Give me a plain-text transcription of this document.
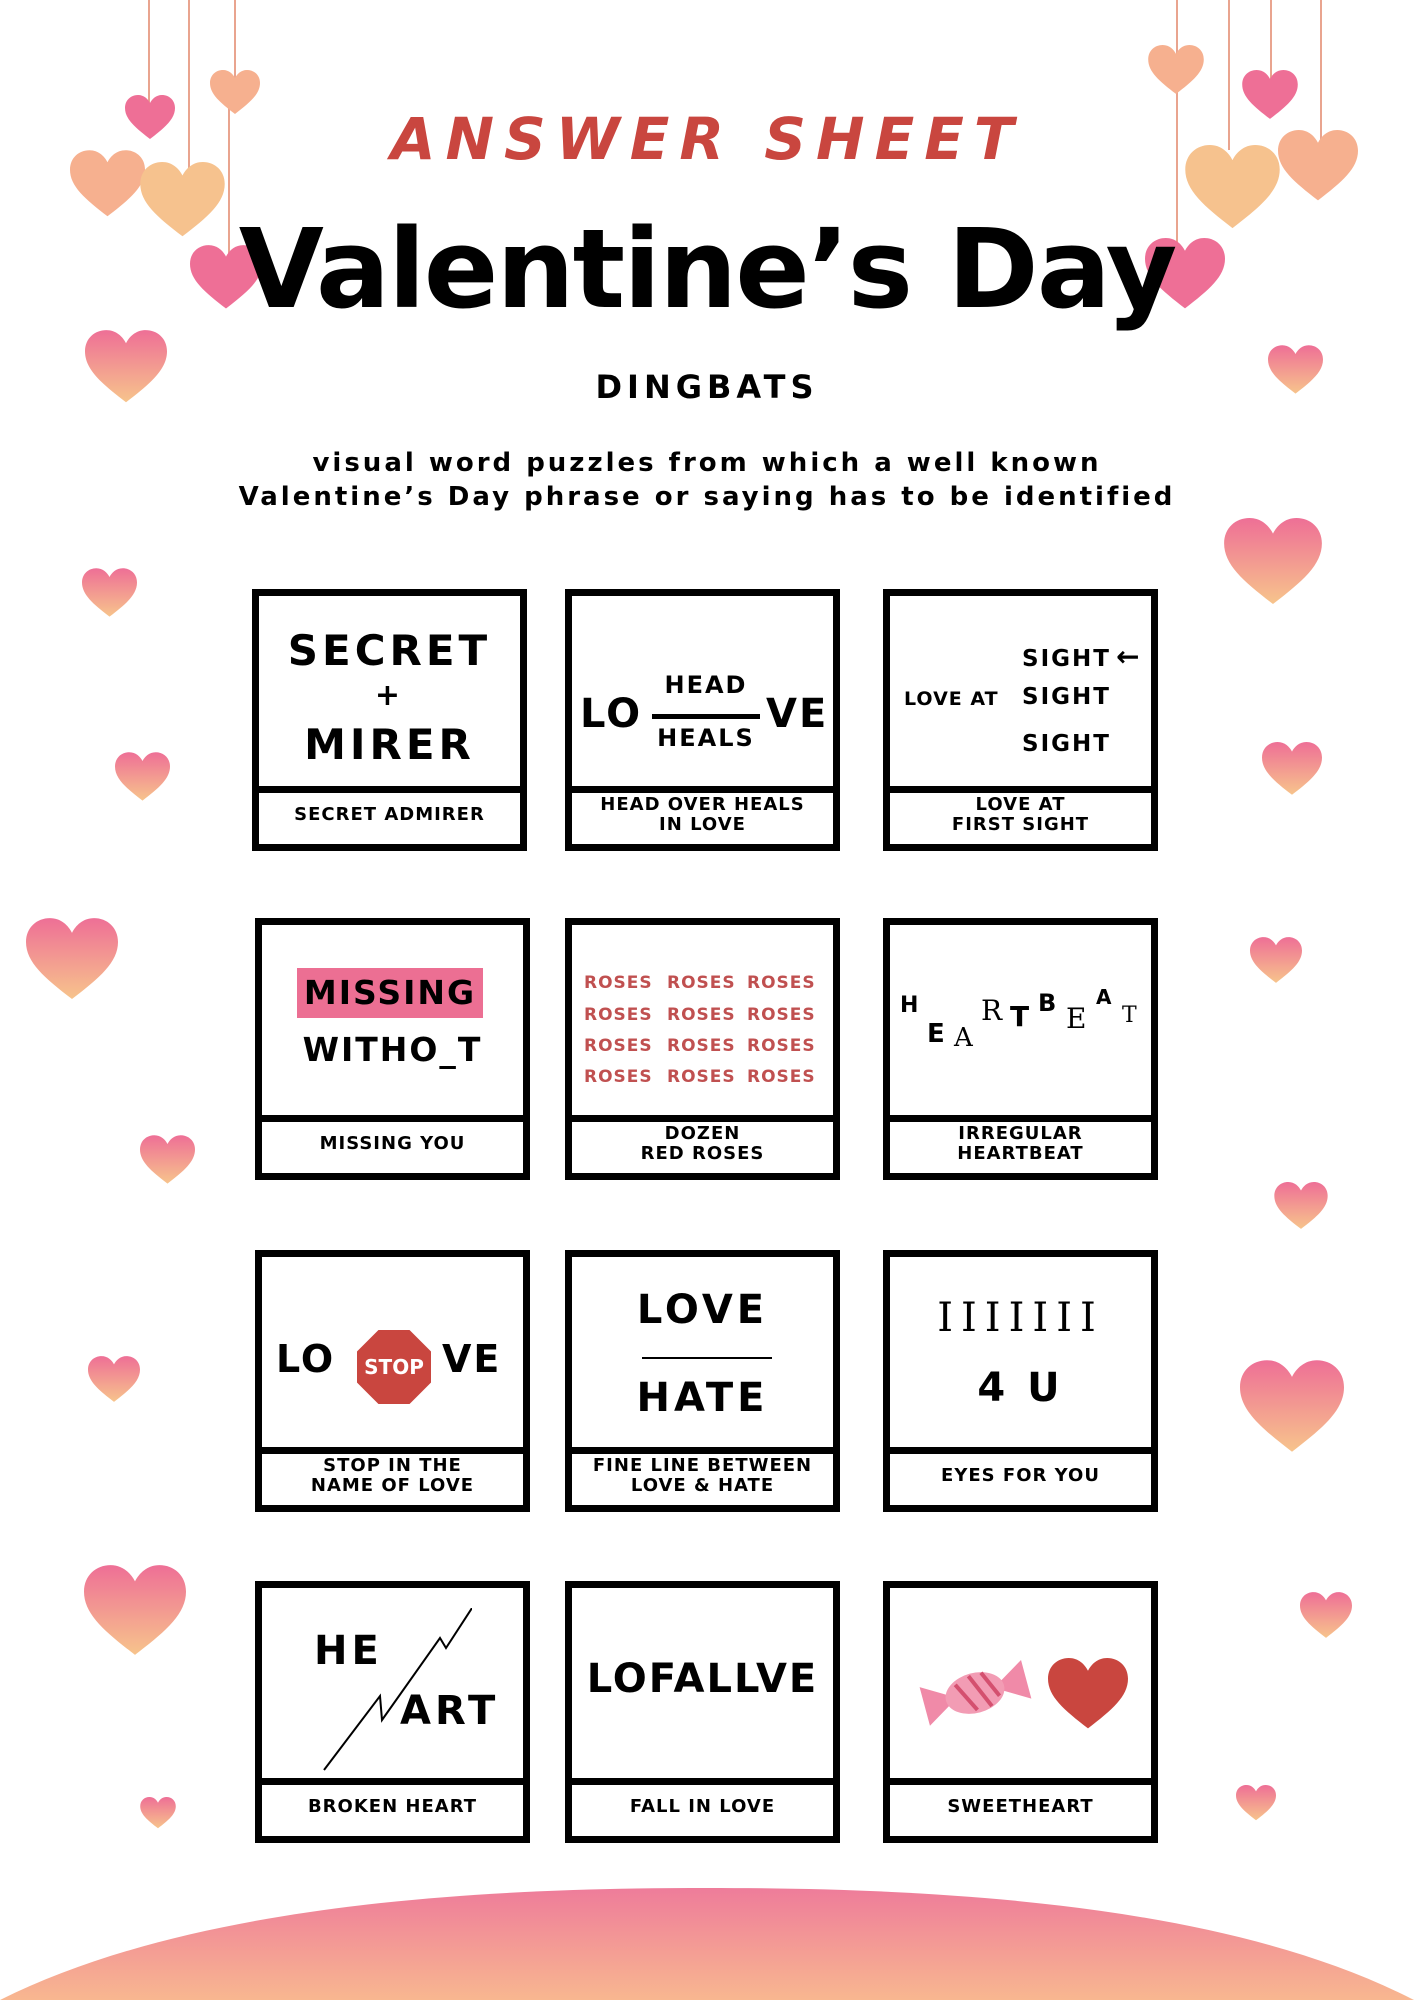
ANSWER SHEET
Valentine’s Day
DINGBATS
visual word puzzles from which a well known
Valentine’s Day phrase or saying has to be identified
SECRET
+
MIRER
SECRET ADMIRER
LO
HEAD
HEALS
VE
HEAD OVER HEALS
IN LOVE
LOVE AT
SIGHT ←
SIGHT
SIGHT
LOVE AT
FIRST SIGHT
MISSING
WITHO_T
MISSING YOU
ROSES ROSES ROSES
ROSES ROSES ROSES
ROSES ROSES ROSES
ROSES ROSES ROSES
DOZEN
RED ROSES
H
E A
R T B E
A
T
IRREGULAR
HEARTBEAT
LO STOP VE
STOP IN THE
NAME OF LOVE
LOVE
HATE
FINE LINE BETWEEN
LOVE & HATE
IIIIIII
4 U
EYES FOR YOU
HE
ART
BROKEN HEART
LOFALLVE
FALL IN LOVE	SWEETHEART
